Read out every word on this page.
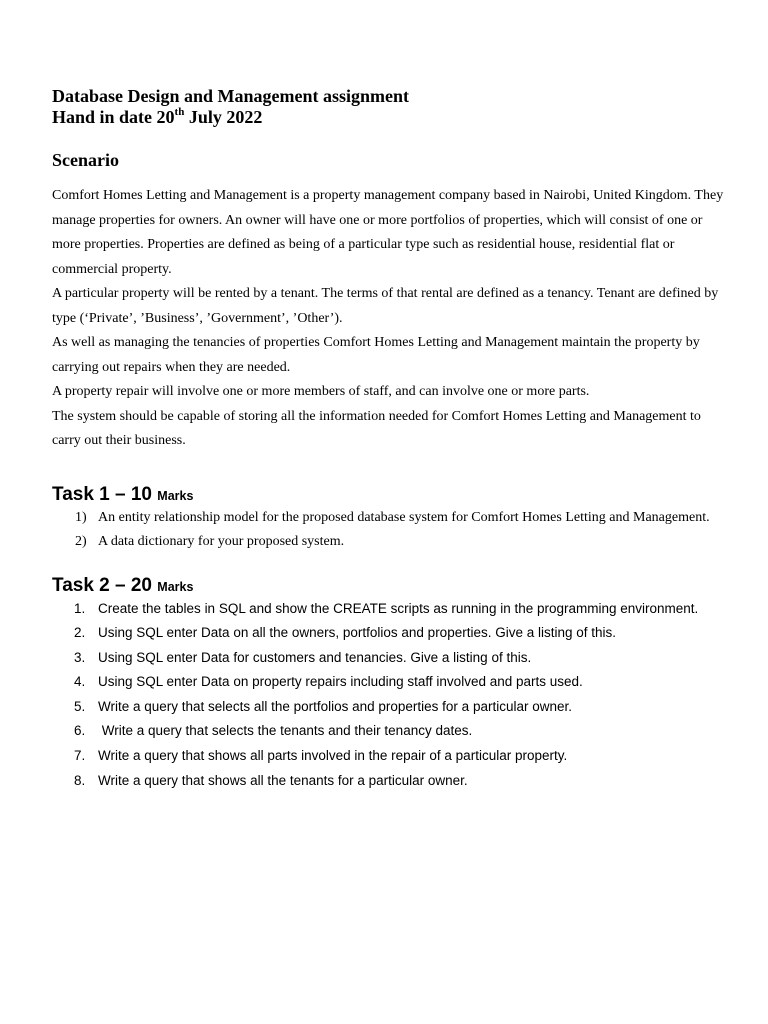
Database Design and Management assignment
Hand in date 20th July 2022
Scenario

Comfort Homes Letting and Management is a property management company based in Nairobi, United Kingdom. They manage properties for owners. An owner will have one or more portfolios of properties, which will consist of one or more properties. Properties are defined as being of a particular type such as residential house, residential flat or commercial property.

A particular property will be rented by a tenant. The terms of that rental are defined as a tenancy. Tenant are defined by type (‘Private’, ’Business’, ’Government’, ’Other’).

As well as managing the tenancies of properties Comfort Homes Letting and Management maintain the property by carrying out repairs when they are needed.

A property repair will involve one or more members of staff, and can involve one or more parts.

The system should be capable of storing all the information needed for Comfort Homes Letting and Management to carry out their business.

Task 1 – 10 Marks
1) An entity relationship model for the proposed database system for Comfort Homes Letting and Management.
2) A data dictionary for your proposed system.
Task 2 – 20 Marks
1. Create the tables in SQL and show the CREATE scripts as running in the programming environment.
2. Using SQL enter Data on all the owners, portfolios and properties. Give a listing of this.
3. Using SQL enter Data for customers and tenancies. Give a listing of this.
4. Using SQL enter Data on property repairs including staff involved and parts used.
5. Write a query that selects all the portfolios and properties for a particular owner.
6. Write a query that selects the tenants and their tenancy dates.
7. Write a query that shows all parts involved in the repair of a particular property.
8. Write a query that shows all the tenants for a particular owner.
